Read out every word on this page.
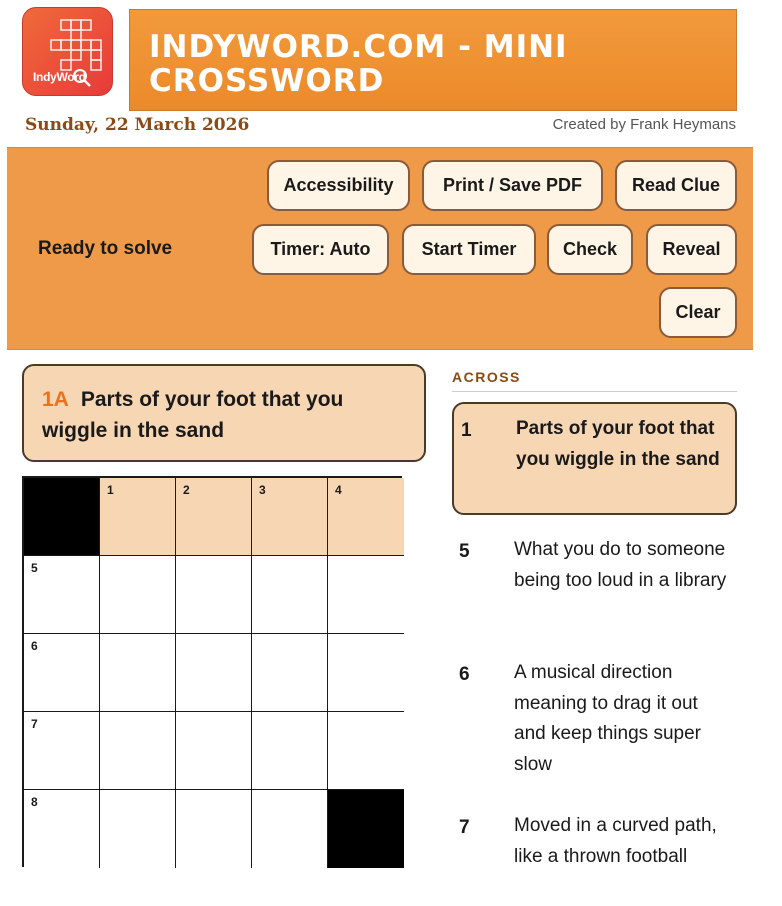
IndyWord
INDYWORD.COM - MINI CROSSWORD
Sunday, 22 March 2026	Created by Frank Heymans
Ready to solve
Accessibility	Print / Save PDF	Read Clue
Timer: Auto	Start Timer	Check	Reveal
Clear
1A Parts of your foot that you wiggle in the sand
1	2	3	4
5
6
7
8
ACROSS
1 Parts of your foot that you wiggle in the sand
5 What you do to someone being too loud in a library
6 A musical direction meaning to drag it out and keep things super slow
7 Moved in a curved path, like a thrown football
